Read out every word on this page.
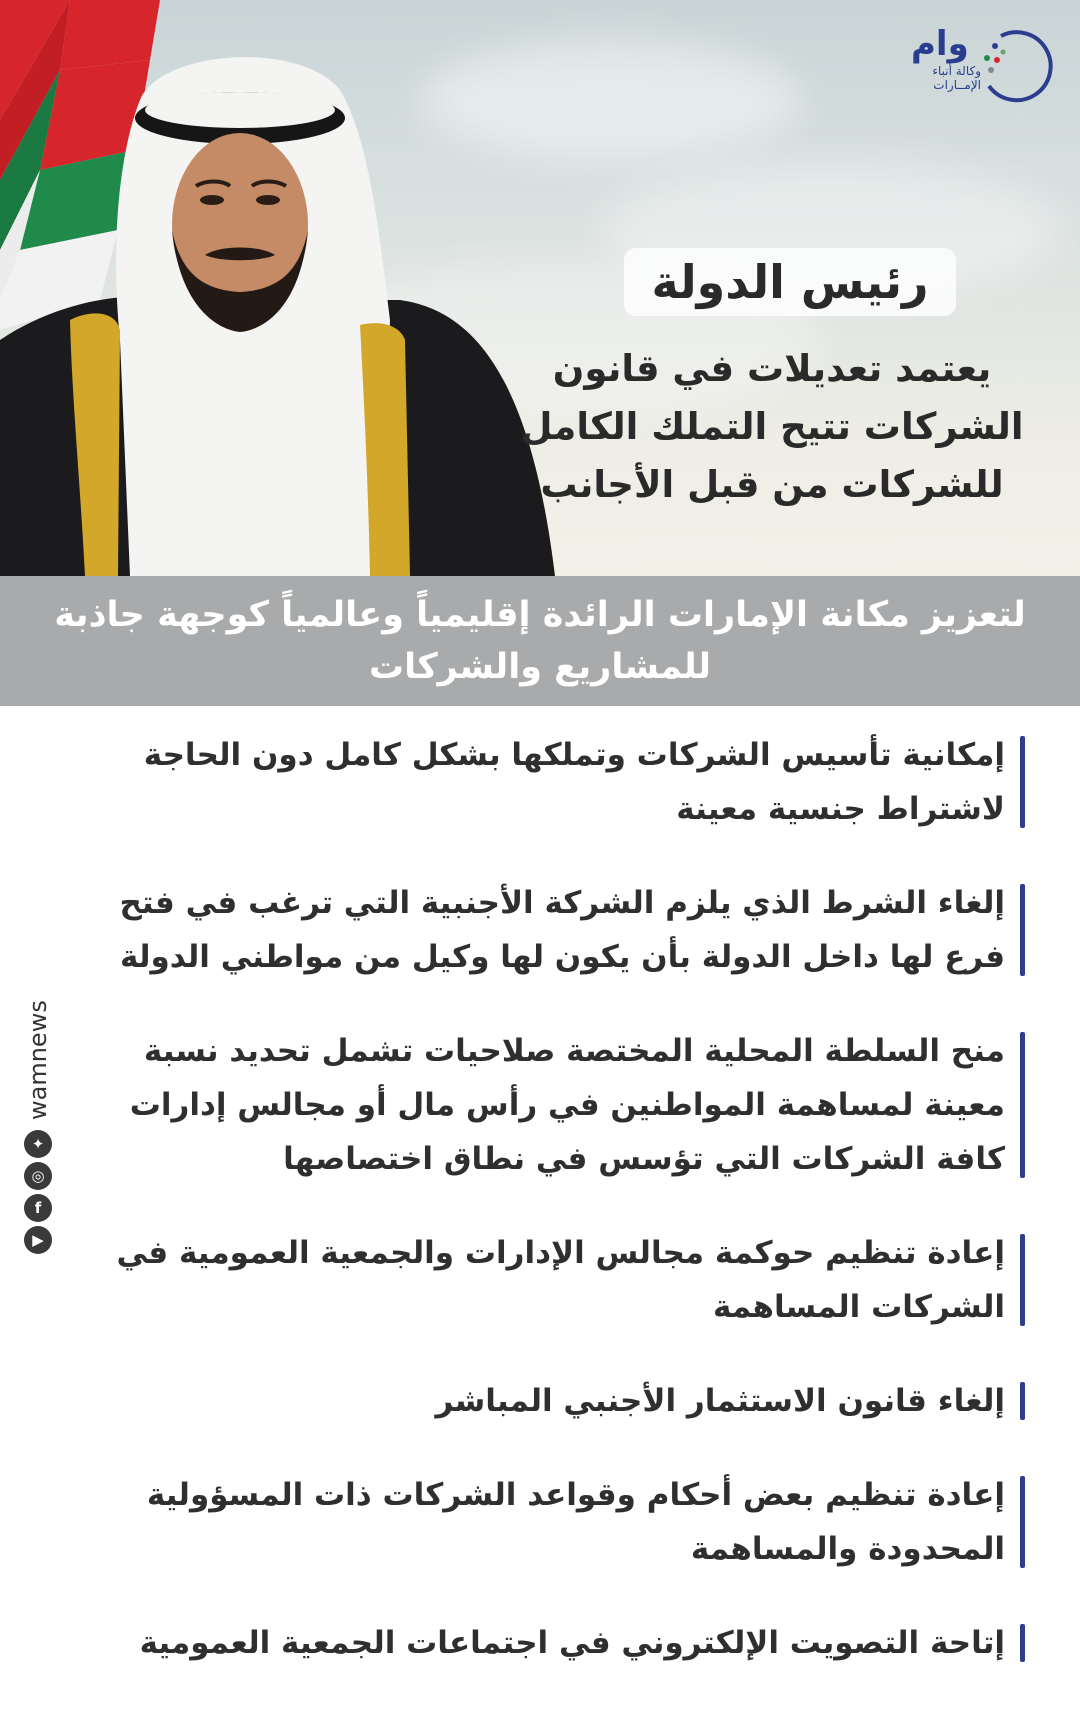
وام
وكالة أنباء الإمــارات
رئيس الدولة
يعتمد تعديلات في قانون الشركات تتيح التملك الكامل للشركات من قبل الأجانب
لتعزيز مكانة الإمارات الرائدة إقليمياً وعالمياً كوجهة جاذبة للمشاريع والشركات
إمكانية تأسيس الشركات وتملكها بشكل كامل دون الحاجة لاشتراط جنسية معينة
إلغاء الشرط الذي يلزم الشركة الأجنبية التي ترغب في فتح فرع لها داخل الدولة بأن يكون لها وكيل من مواطني الدولة
منح السلطة المحلية المختصة صلاحيات تشمل تحديد نسبة معينة لمساهمة المواطنين في رأس مال أو مجالس إدارات كافة الشركات التي تؤسس في نطاق اختصاصها
إعادة تنظيم حوكمة مجالس الإدارات والجمعية العمومية في الشركات المساهمة
إلغاء قانون الاستثمار الأجنبي المباشر
إعادة تنظيم بعض أحكام وقواعد الشركات ذات المسؤولية المحدودة والمساهمة
إتاحة التصويت الإلكتروني في اجتماعات الجمعية العمومية
wamnews
✦
◎
f
▶
